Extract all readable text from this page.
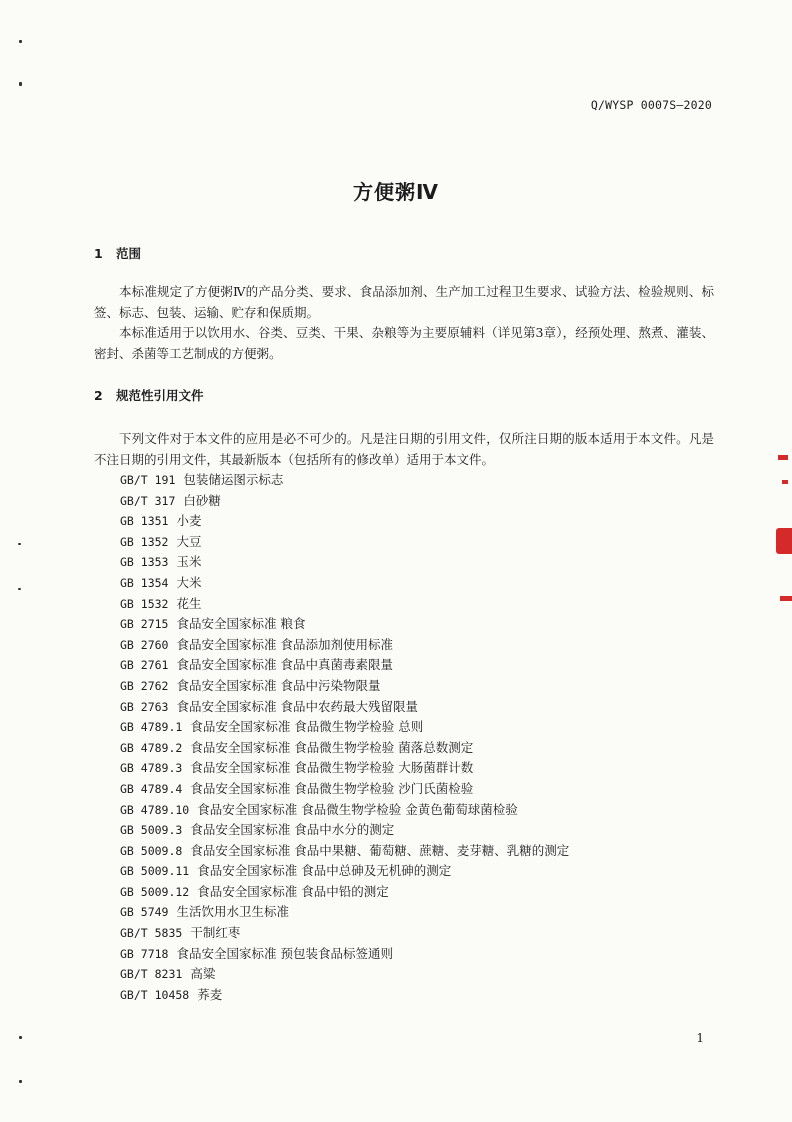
Q/WYSP 0007S—2020
方便粥Ⅳ
1 范围

本标准规定了方便粥Ⅳ的产品分类、要求、食品添加剂、生产加工过程卫生要求、试验方法、检验规则、标签、标志、包装、运输、贮存和保质期。

本标准适用于以饮用水、谷类、豆类、干果、杂粮等为主要原辅料（详见第3章），经预处理、熬煮、灌装、密封、杀菌等工艺制成的方便粥。

2 规范性引用文件

下列文件对于本文件的应用是必不可少的。凡是注日期的引用文件，仅所注日期的版本适用于本文件。凡是不注日期的引用文件，其最新版本（包括所有的修改单）适用于本文件。

GB/T 191 包装储运图示标志
GB/T 317 白砂糖
GB 1351 小麦
GB 1352 大豆
GB 1353 玉米
GB 1354 大米
GB 1532 花生
GB 2715 食品安全国家标准 粮食
GB 2760 食品安全国家标准 食品添加剂使用标准
GB 2761 食品安全国家标准 食品中真菌毒素限量
GB 2762 食品安全国家标准 食品中污染物限量
GB 2763 食品安全国家标准 食品中农药最大残留限量
GB 4789.1 食品安全国家标准 食品微生物学检验 总则
GB 4789.2 食品安全国家标准 食品微生物学检验 菌落总数测定
GB 4789.3 食品安全国家标准 食品微生物学检验 大肠菌群计数
GB 4789.4 食品安全国家标准 食品微生物学检验 沙门氏菌检验
GB 4789.10 食品安全国家标准 食品微生物学检验 金黄色葡萄球菌检验
GB 5009.3 食品安全国家标准 食品中水分的测定
GB 5009.8 食品安全国家标准 食品中果糖、葡萄糖、蔗糖、麦芽糖、乳糖的测定
GB 5009.11 食品安全国家标准 食品中总砷及无机砷的测定
GB 5009.12 食品安全国家标准 食品中铅的测定
GB 5749 生活饮用水卫生标准
GB/T 5835 干制红枣
GB 7718 食品安全国家标准 预包装食品标签通则
GB/T 8231 高粱
GB/T 10458 荞麦
1
